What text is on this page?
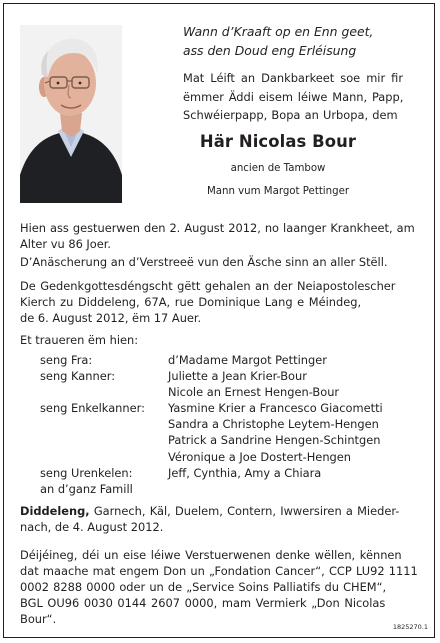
Wann d’Kraaft op en Enn geet,
ass den Doud eng Erléisung
Mat Léift an Dankbarkeet soe mir fir
ëmmer Äddi eisem léiwe Mann, Papp,
Schwéierpapp, Bopa an Urbopa, dem
Här Nicolas Bour
ancien de Tambow
Mann vum Margot Pettinger
Hien ass gestuerwen den 2. August 2012, no laanger Krankheet, am
Alter vu 86 Joer.
D’Anäscherung an d’Verstreeë vun den Äsche sinn an aller Stëll.
De Gedenkgottesdéngscht gëtt gehalen an der Neiapostolescher
Kierch zu Diddeleng, 67A, rue Dominique Lang e Méindeg,
de 6. August 2012, ëm 17 Auer.
Et traueren ëm hien:
seng Fra:	d’Madame Margot Pettinger
seng Kanner:	Juliette a Jean Krier-Bour
Nicole an Ernest Hengen-Bour
seng Enkelkanner:	Yasmine Krier a Francesco Giacometti
Sandra a Christophe Leytem-Hengen
Patrick a Sandrine Hengen-Schintgen
Véronique a Joe Dostert-Hengen
seng Urenkelen:	Jeff, Cynthia, Amy a Chiara
an d’ganz Famill
Diddeleng, Garnech, Käl, Duelem, Contern, Iwwersiren a Mieder-
nach, de 4. August 2012.
Déijéineg, déi un eise léiwe Verstuerwenen denke wëllen, kënnen
dat maache mat engem Don un „Fondation Cancer“, CCP LU92 1111
0002 8288 0000 oder un de „Service Soins Palliatifs du CHEM“,
BGL OU96 0030 0144 2607 0000, mam Vermierk „Don Nicolas
Bour“.
1825270.1
